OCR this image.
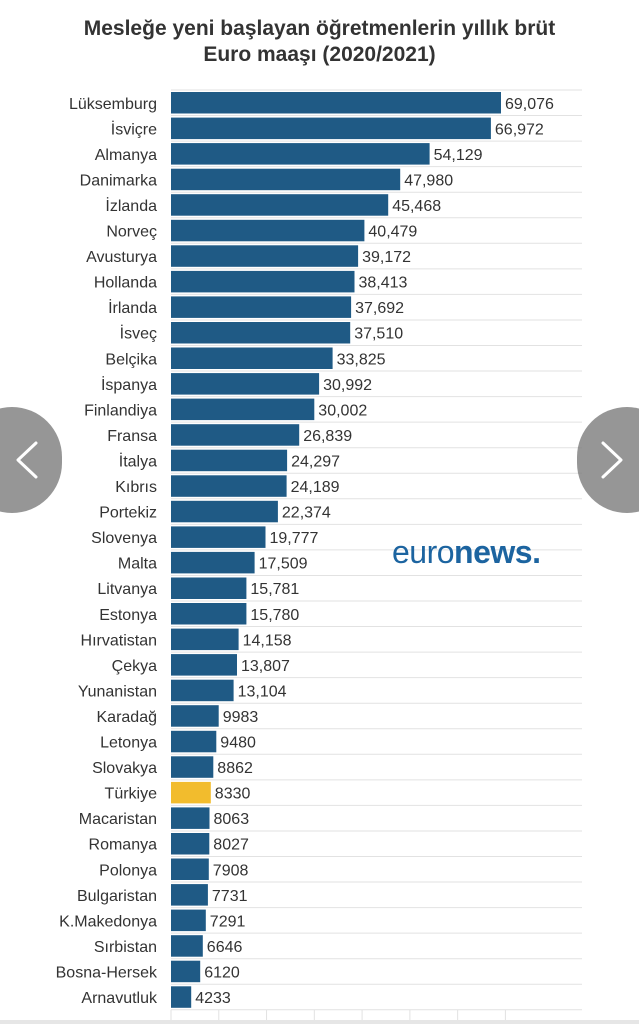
Mesleğe yeni başlayan öğretmenlerin yıllık brüt
Euro maaşı (2020/2021)
Lüksemburg
İsviçre
Almanya
Danimarka
İzlanda
Norveç
Avusturya
Hollanda
İrlanda
İsveç
Belçika
İspanya
Finlandiya
Fransa
İtalya
Kıbrıs
Portekiz
Slovenya
Malta
Litvanya
Estonya
Hırvatistan
Çekya
Yunanistan
Karadağ
Letonya
Slovakya
Türkiye
Macaristan
Romanya
Polonya
Bulgaristan
K.Makedonya
Sırbistan
Bosna-Hersek
Arnavutluk
69,076
66,972
54,129
47,980
45,468
40,479
39,172
38,413
37,692
37,510
33,825
30,992
30,002
26,839
24,297
24,189
22,374
19,777
17,509
15,781
15,780
14,158
13,807
13,104
9983
9480
8862
8330
8063
8027
7908
7731
7291
6646
6120
4233
euronews.
